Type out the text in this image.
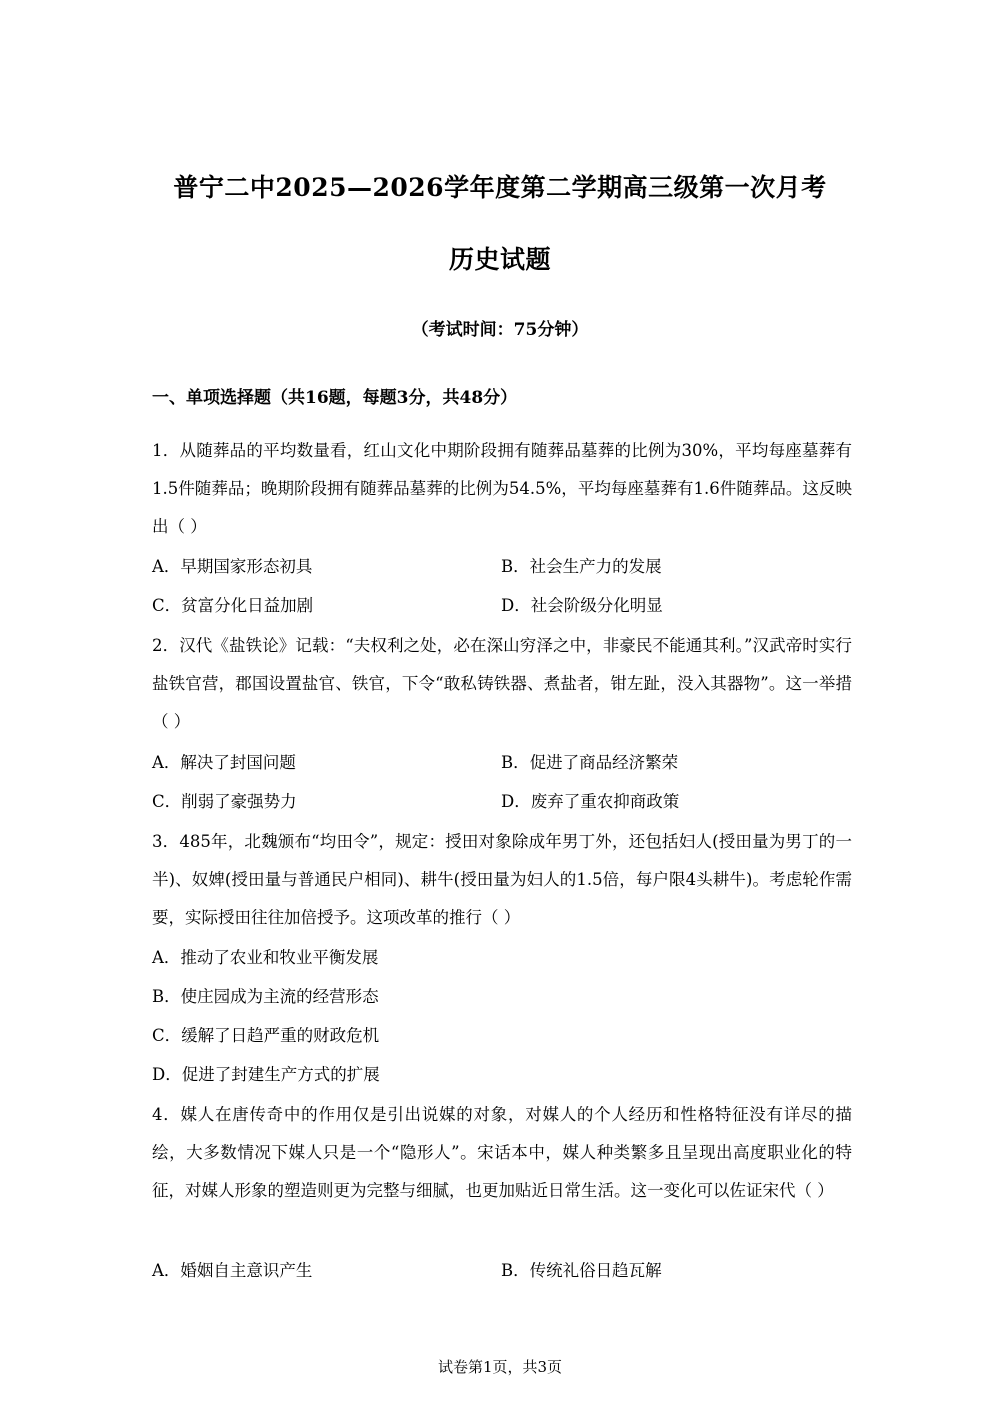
普宁二中2025—2026学年度第二学期高三级第一次月考
历史试题
（考试时间：75分钟）
一、单项选择题（共16题，每题3分，共48分）
1．从随葬品的平均数量看，红山文化中期阶段拥有随葬品墓葬的比例为30%，平均每座墓葬有1.5件随葬品；晚期阶段拥有随葬品墓葬的比例为54.5%，平均每座墓葬有1.6件随葬品。这反映出（ ）
A．早期国家形态初具	B．社会生产力的发展
C．贫富分化日益加剧	D．社会阶级分化明显
2．汉代《盐铁论》记载：“夫权利之处，必在深山穷泽之中，非豪民不能通其利。”汉武帝时实行盐铁官营，郡国设置盐官、铁官，下令“敢私铸铁器、煮盐者，钳左趾，没入其器物”。这一举措（ ）
A．解决了封国问题	B．促进了商品经济繁荣
C．削弱了豪强势力	D．废弃了重农抑商政策
3．485年，北魏颁布“均田令”，规定：授田对象除成年男丁外，还包括妇人(授田量为男丁的一半)、奴婢(授田量与普通民户相同)、耕牛(授田量为妇人的1.5倍，每户限4头耕牛)。考虑轮作需要，实际授田往往加倍授予。这项改革的推行（ ）
A．推动了农业和牧业平衡发展
B．使庄园成为主流的经营形态
C．缓解了日趋严重的财政危机
D．促进了封建生产方式的扩展
4．媒人在唐传奇中的作用仅是引出说媒的对象，对媒人的个人经历和性格特征没有详尽的描绘，大多数情况下媒人只是一个“隐形人”。宋话本中，媒人种类繁多且呈现出高度职业化的特征，对媒人形象的塑造则更为完整与细腻，也更加贴近日常生活。这一变化可以佐证宋代（ ）
A．婚姻自主意识产生	B．传统礼俗日趋瓦解
试卷第1页，共3页
